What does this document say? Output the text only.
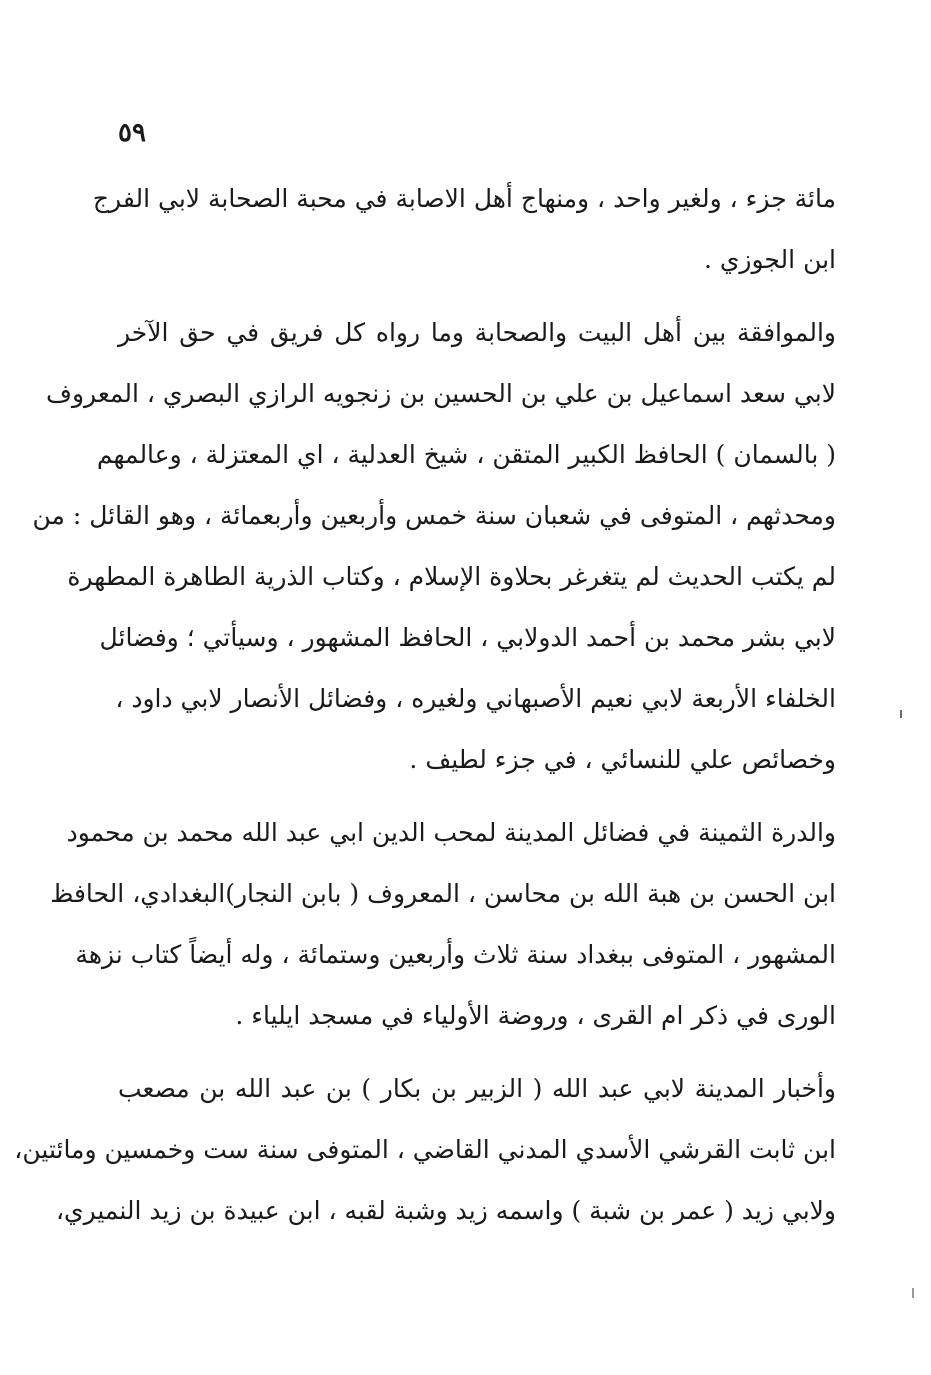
٥٩
مائة جزء ، ولغير واحد ، ومنهاج أهل الاصابة في محبة الصحابة لابي الفرج
ابن الجوزي .
والموافقة بين أهل البيت والصحابة وما رواه كل فريق في حق الآخر
لابي سعد اسماعيل بن علي بن الحسين بن زنجويه الرازي البصري ، المعروف
( بالسمان ) الحافظ الكبير المتقن ، شيخ العدلية ، اي المعتزلة ، وعالمهم
ومحدثهم ، المتوفى في شعبان سنة خمس وأربعين وأربعمائة ، وهو القائل : من
لم يكتب الحديث لم يتغرغر بحلاوة الإسلام ، وكتاب الذرية الطاهرة المطهرة
لابي بشر محمد بن أحمد الدولابي ، الحافظ المشهور ، وسيأتي ؛ وفضائل
الخلفاء الأربعة لابي نعيم الأصبهاني ولغيره ، وفضائل الأنصار لابي داود ،
وخصائص علي للنسائي ، في جزء لطيف .
والدرة الثمينة في فضائل المدينة لمحب الدين ابي عبد الله محمد بن محمود
ابن الحسن بن هبة الله بن محاسن ، المعروف ( بابن النجار)البغدادي، الحافظ
المشهور ، المتوفى ببغداد سنة ثلاث وأربعين وستمائة ، وله أيضاً كتاب نزهة
الورى في ذكر ام القرى ، وروضة الأولياء في مسجد ايلياء .
وأخبار المدينة لابي عبد الله ( الزبير بن بكار ) بن عبد الله بن مصعب
ابن ثابت القرشي الأسدي المدني القاضي ، المتوفى سنة ست وخمسين ومائتين،
ولابي زيد ( عمر بن شبة ) واسمه زيد وشبة لقبه ، ابن عبيدة بن زيد النميري،
